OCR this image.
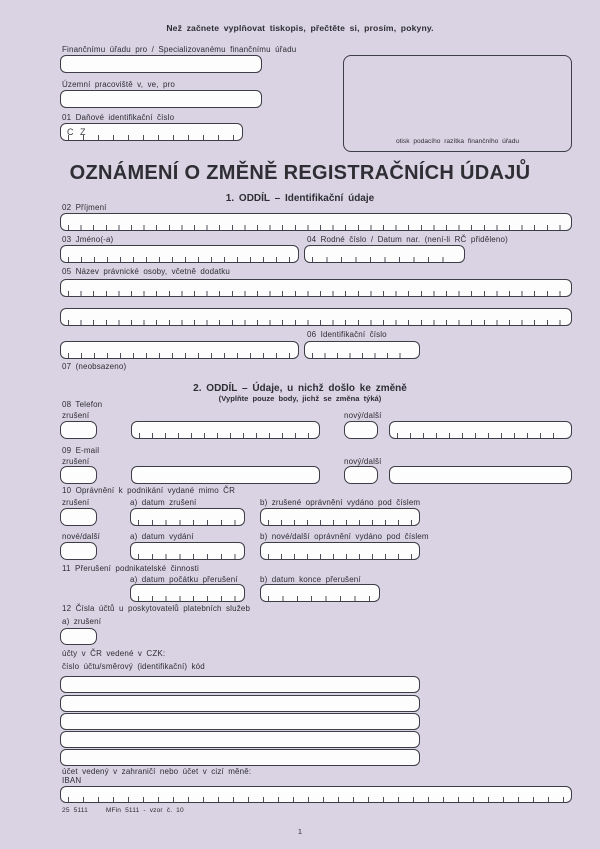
Než začnete vyplňovat tiskopis, přečtěte si, prosím, pokyny.
Finančnímu úřadu pro / Specializovanému finančnímu úřadu
Územní pracoviště v, ve, pro
01 Daňové identifikační číslo
C Z
otisk podacího razítka finančního úřadu
OZNÁMENÍ O ZMĚNĚ REGISTRAČNÍCH ÚDAJŮ
1. ODDÍL – Identifikační údaje
02 Příjmení
03 Jméno(-a)	04 Rodné číslo / Datum nar. (není-li RČ přiděleno)
05 Název právnické osoby, včetně dodatku
06 Identifikační číslo
07 (neobsazeno)
2. ODDÍL – Údaje, u nichž došlo ke změně
(Vyplňte pouze body, jichž se změna týká)
08 Telefon
zrušení	nový/další
09 E-mail
zrušení	nový/další
10 Oprávnění k podnikání vydané mimo ČR
zrušení	a) datum zrušení	b) zrušené oprávnění vydáno pod číslem
nové/další	a) datum vydání	b) nové/další oprávnění vydáno pod číslem
11 Přerušení podnikatelské činnosti
a) datum počátku přerušení	b) datum konce přerušení
12 Čísla účtů u poskytovatelů platebních služeb
a) zrušení
účty v ČR vedené v CZK:
číslo účtu/směrový (identifikační) kód
účet vedený v zahraničí nebo účet v cizí měně:
IBAN
25 5111	MFin 5111 - vzor č. 10
1
